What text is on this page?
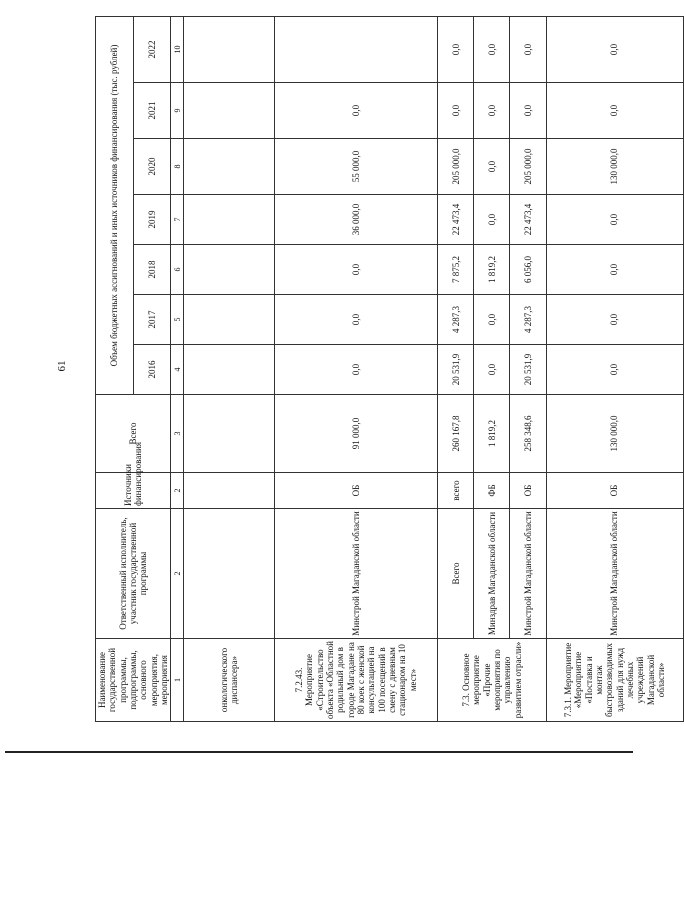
61
Наименование государственной программы, подпрограммы, основного мероприятия, мероприятия	Ответственный исполнитель, участник государственной программы	Источники финансирования	Всего	Объем бюджетных ассигнований и иных источников финансирования (тыс. рублей)						
				2016	2017	2018	2019	2020	2021	2022
1	2	2	3	4	5	6	7	8	9	10
онкологического диспансера»										
7.2.43. Мероприятие «Строительство объекта «Областной родильный дом в городе Магадане на 80 коек с женской консультацией на 100 посещений в смену с дневным стационаром на 10 мест»	Минстрой Магаданской области	ОБ	91 000,0	0,0	0,0	0,0	36 000,0	55 000,0	0,0	
7.3. Основное мероприятие «Прочие мероприятия по управлению развитием отрасли»	Всего	всего	260 167,8	20 531,9	4 287,3	7 875,2	22 473,4	205 000,0	0,0	0,0
	Минздрав Магаданской области	ФБ	1 819,2	0,0	0,0	1 819,2	0,0	0,0	0,0	0,0
	Минстрой Магаданской области	ОБ	258 348,6	20 531,9	4 287,3	6 056,0	22 473,4	205 000,0	0,0	0,0
7.3.1. Мероприятие «Мероприятие «Поставка и монтаж быстровозводимых зданий для нужд лечебных учреждений Магаданской области»	Минстрой Магаданской области	ОБ	130 000,0	0,0	0,0	0,0	0,0	130 000,0	0,0	0,0
